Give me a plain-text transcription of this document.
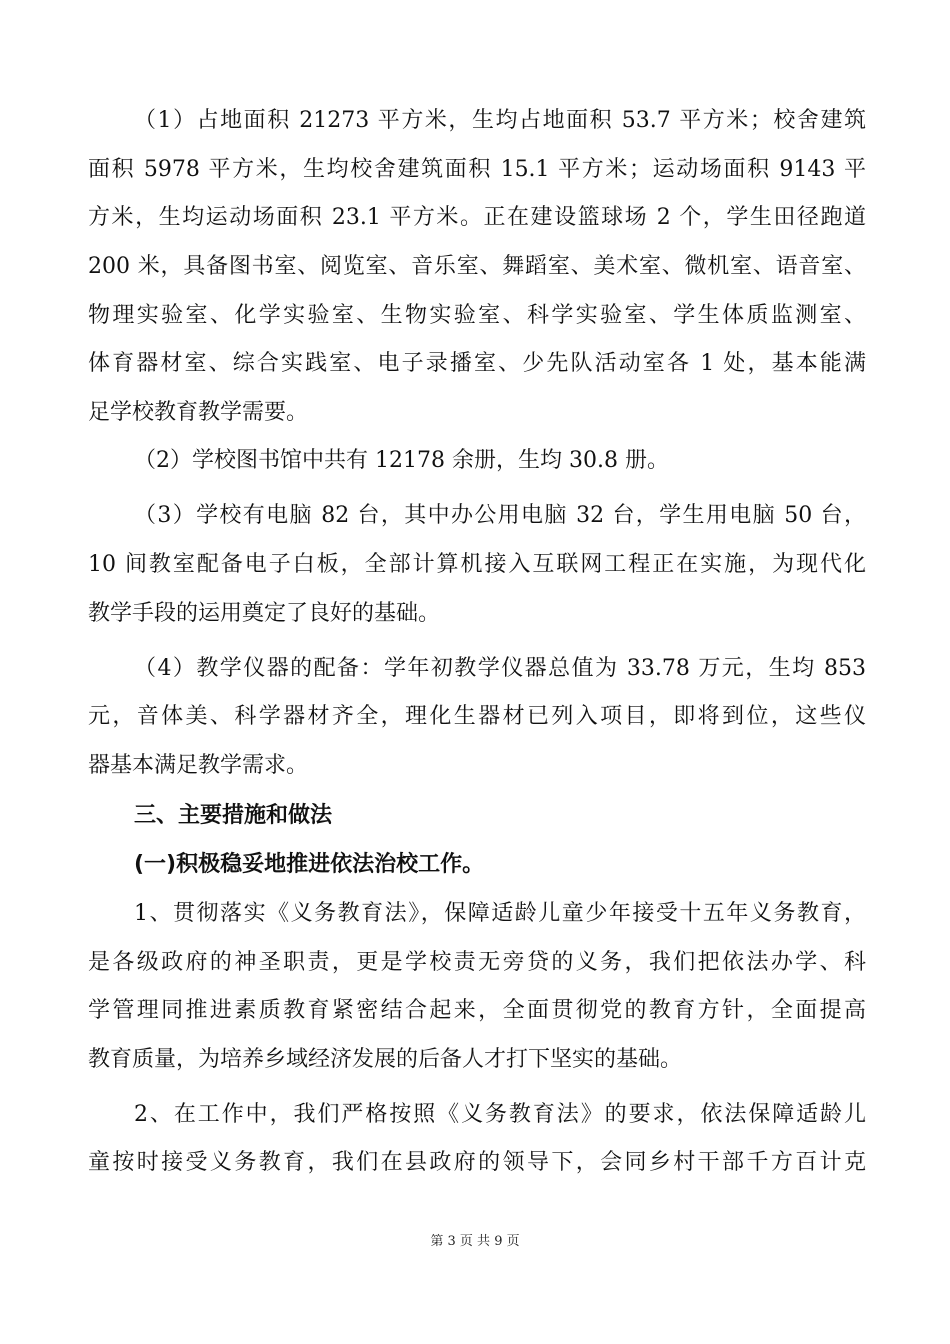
（1）占地面积 21273 平方米，生均占地面积 53.7 平方米；校舍建筑
面积 5978 平方米，生均校舍建筑面积 15.1 平方米；运动场面积 9143 平
方米，生均运动场面积 23.1 平方米。正在建设篮球场 2 个，学生田径跑道
200 米，具备图书室、阅览室、音乐室、舞蹈室、美术室、微机室、语音室、
物理实验室、化学实验室、生物实验室、科学实验室、学生体质监测室、
体育器材室、综合实践室、电子录播室、少先队活动室各 1 处，基本能满
足学校教育教学需要。
（2）学校图书馆中共有 12178 余册，生均 30.8 册。
（3）学校有电脑 82 台，其中办公用电脑 32 台，学生用电脑 50 台，
10 间教室配备电子白板，全部计算机接入互联网工程正在实施，为现代化
教学手段的运用奠定了良好的基础。
（4）教学仪器的配备：学年初教学仪器总值为 33.78 万元，生均 853
元，音体美、科学器材齐全，理化生器材已列入项目，即将到位，这些仪
器基本满足教学需求。
三、主要措施和做法
(一)积极稳妥地推进依法治校工作。
1、贯彻落实《义务教育法》，保障适龄儿童少年接受十五年义务教育，
是各级政府的神圣职责，更是学校责无旁贷的义务，我们把依法办学、科
学管理同推进素质教育紧密结合起来，全面贯彻党的教育方针，全面提高
教育质量，为培养乡域经济发展的后备人才打下坚实的基础。
2、在工作中，我们严格按照《义务教育法》的要求，依法保障适龄儿
童按时接受义务教育，我们在县政府的领导下，会同乡村干部千方百计克
第 3 页 共 9 页
